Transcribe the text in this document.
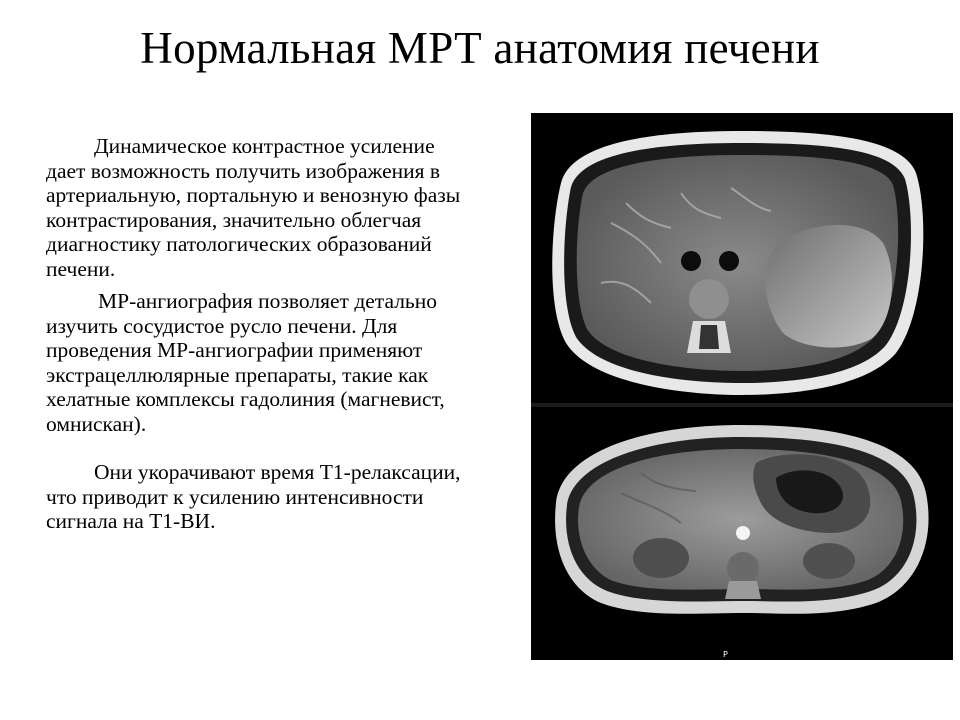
Нормальная МРТ анатомия печени

Динамическое контрастное усиление дает возможность получить изображения в артериальную, портальную и венозную фазы контрастирования, значительно облегчая диагностику патологических образований печени.

МР-ангиография позволяет детально изучить сосудистое русло печени. Для проведения МР-ангиографии применяют экстрацеллюлярные препараты, такие как хелатные комплексы гадолиния (магневист, омнискан).

Они укорачивают время Т1-релаксации, что приводит к усилению интенсивности сигнала на Т1-ВИ.

P
